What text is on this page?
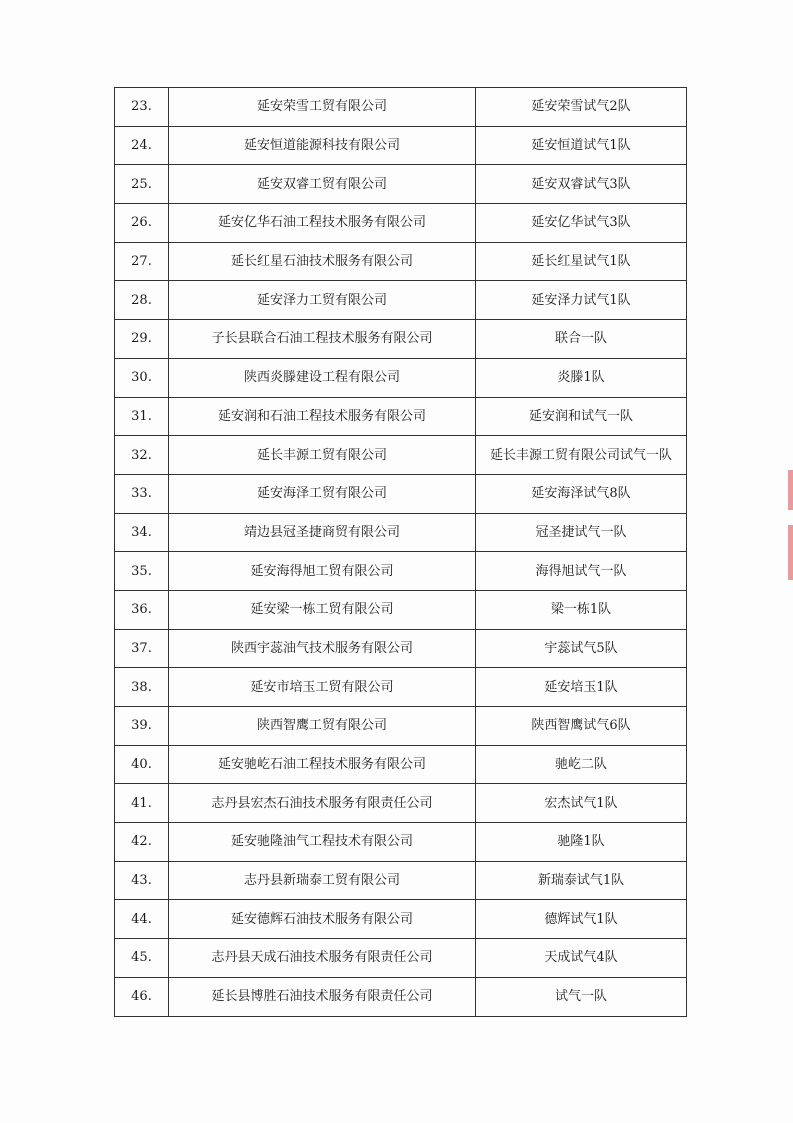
23.	延安荣雪工贸有限公司	延安荣雪试气2队
24.	延安恒道能源科技有限公司	延安恒道试气1队
25.	延安双睿工贸有限公司	延安双睿试气3队
26.	延安亿华石油工程技术服务有限公司	延安亿华试气3队
27.	延长红星石油技术服务有限公司	延长红星试气1队
28.	延安泽力工贸有限公司	延安泽力试气1队
29.	子长县联合石油工程技术服务有限公司	联合一队
30.	陕西炎滕建设工程有限公司	炎滕1队
31.	延安润和石油工程技术服务有限公司	延安润和试气一队
32.	延长丰源工贸有限公司	延长丰源工贸有限公司试气一队
33.	延安海泽工贸有限公司	延安海泽试气8队
34.	靖边县冠圣捷商贸有限公司	冠圣捷试气一队
35.	延安海得旭工贸有限公司	海得旭试气一队
36.	延安梁一栋工贸有限公司	梁一栋1队
37.	陕西宇蕊油气技术服务有限公司	宇蕊试气5队
38.	延安市培玉工贸有限公司	延安培玉1队
39.	陕西智鹰工贸有限公司	陕西智鹰试气6队
40.	延安驰屹石油工程技术服务有限公司	驰屹二队
41.	志丹县宏杰石油技术服务有限责任公司	宏杰试气1队
42.	延安驰隆油气工程技术有限公司	驰隆1队
43.	志丹县新瑞泰工贸有限公司	新瑞泰试气1队
44.	延安德辉石油技术服务有限公司	德辉试气1队
45.	志丹县天成石油技术服务有限责任公司	天成试气4队
46.	延长县博胜石油技术服务有限责任公司	试气一队
